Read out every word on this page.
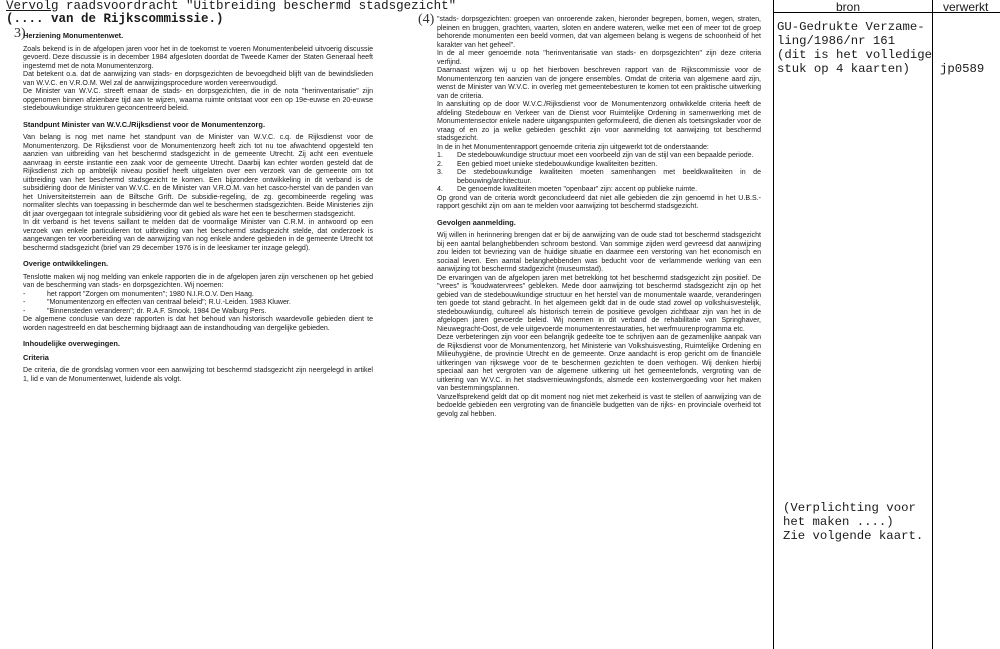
Vervolg raadsvoordracht "Uitbreiding beschermd stadsgezicht"
(.... van de Rijkscommissie.)
3)
(4)
Herziening Monumentenwet.

Zoals bekend is in de afgelopen jaren voor het in de toekomst te voeren Monumentenbeleid uitvoerig discussie gevoerd. Deze discussie is in december 1984 afgesloten doordat de Tweede Kamer der Staten Generaal heeft ingestemd met de nota Monumentenzorg.

Dat betekent o.a. dat de aanwijzing van stads- en dorpsgezichten de bevoegdheid blijft van de bewindslieden van W.V.C. en V.R.O.M. Wel zal de aanwijzingsprocedure worden vereenvoudigd.

De Minister van W.V.C. streeft ernaar de stads- en dorpsgezichten, die in de nota "herinventarisatie" zijn opgenomen binnen afzienbare tijd aan te wijzen, waarna ruimte ontstaat voor een op 19e-euwse en 20-euwse stedebouwkundige strukturen geconcentreerd beleid.

Standpunt Minister van W.V.C./Rijksdienst voor de Monumentenzorg.

Van belang is nog met name het standpunt van de Minister van W.V.C. c.q. de Rijksdienst voor de Monumentenzorg. De Rijksdienst voor de Monumentenzorg heeft zich tot nu toe afwachtend opgesteld ten aanzien van uitbreiding van het beschermd stadsgezicht in de gemeente Utrecht. Zij acht een eventuele aanvraag in eerste instantie een zaak voor de gemeente Utrecht. Daarbij kan echter worden gesteld dat de Rijksdienst zich op ambtelijk niveau positief heeft uitgelaten over een verzoek van de gemeente om tot uitbreiding van het beschermd stadsgezicht te komen. Een bijzondere ontwikkeling in dit verband is de subsidiëring door de Minister van W.V.C. en de Minister van V.R.O.M. van het casco-herstel van de panden van het Universiteitsterrein aan de Biltsche Grift. De subsidie-regeling, de zg. gecombineerde regeling was normaliter slechts van toepassing in beschermde dan wel te beschermen stadsgezichten. Beide Ministeries zijn dit jaar overgegaan tot integrale subsidiëring voor dit gebied als ware het een te beschermen stadsgezicht.

In dit verband is het tevens saillant te melden dat de voormalige Minister van C.R.M. in antwoord op een verzoek van enkele particulieren tot uitbreiding van het beschermd stadsgezicht stelde, dat onderzoek is aangevangen ter voorbereiding van de aanwijzing van nog enkele andere gebieden in de gemeente Utrecht tot beschermd stadsgezicht (brief van 29 december 1976 is in de leeskamer ter inzage gelegd).

Overige ontwikkelingen.

Tenslotte maken wij nog melding van enkele rapporten die in de afgelopen jaren zijn verschenen op het gebied van de bescherming van stads- en dorpsgezichten. Wij noemen:

-	het rapport "Zorgen om monumenten"; 1980 N.I.R.O.V. Den Haag.
-	"Monumentenzorg en effecten van centraal beleid"; R.U.-Leiden. 1983 Kluwer.
-	"Binnensteden veranderen"; dr. R.A.F. Smook. 1984 De Walburg Pers.

De algemene conclusie van deze rapporten is dat het behoud van historisch waardevolle gebieden dient te worden nagestreefd en dat bescherming bijdraagt aan de instandhouding van dergelijke gebieden.

Inhoudelijke overwegingen.
Criteria

De criteria, die de grondslag vormen voor een aanwijzing tot beschermd stadsgezicht zijn neergelegd in artikel 1, lid e van de Monumentenwet, luidende als volgt.

"stads- dorpsgezichten: groepen van onroerende zaken, hieronder begrepen, bomen, wegen, straten, pleinen en bruggen, grachten, vaarten, sloten en andere wateren, welke met een of meer tot de groep behorende monumenten een beeld vormen, dat van algemeen belang is wegens de schoonheid of het karakter van het geheel".

In de al meer genoemde nota "herinventarisatie van stads- en dorpsgezichten" zijn deze criteria verfijnd.

Daarnaast wijzen wij u op het hierboven beschreven rapport van de Rijkscommissie voor de Monumentenzorg ten aanzien van de jongere ensembles. Omdat de criteria van algemene aard zijn, wenst de Minister van W.V.C. in overleg met gemeentebesturen te komen tot een praktische uitwerking van de criteria.

In aansluiting op de door W.V.C./Rijksdienst voor de Monumentenzorg ontwikkelde criteria heeft de afdeling Stedebouw en Verkeer van de Dienst voor Ruimtelijke Ordening in samenwerking met de Monumentensector enkele nadere uitgangspunten geformuleerd, die dienen als toetsingskader voor de vraag of en zo ja welke gebieden geschikt zijn voor aanmelding tot aanwijzing tot beschermd stadsgezicht.

In de in het Monumentenrapport genoemde criteria zijn uitgewerkt tot de onderstaande:

1.	De stedebouwkundige structuur moet een voorbeeld zijn van de stijl van een bepaalde periode.
2.	Een gebied moet unieke stedebouwkundige kwaliteiten bezitten.
3.	De stedebouwkundige kwaliteiten moeten samenhangen met beeldkwaliteiten in de bebouwing/architectuur.
4.	De genoemde kwaliteiten moeten "openbaar" zijn: accent op publieke ruimte.

Op grond van de criteria wordt geconcludeerd dat niet alle gebieden die zijn genoemd in het U.B.S.-rapport geschikt zijn om aan te melden voor aanwijzing tot beschermd stadsgezicht.

Gevolgen aanmelding.

Wij willen in herinnering brengen dat er bij de aanwijzing van de oude stad tot beschermd stadsgezicht bij een aantal belanghebbenden schroom bestond. Van sommige zijden werd gevreesd dat aanwijzing zou leiden tot bevriezing van de huidige situatie en daarmee een verstoring van het economisch en sociaal leven. Een aantal belanghebbenden was beducht voor de verlammende werking van een aanwijzing tot beschermd stadgezicht (museumstad).

De ervaringen van de afgelopen jaren met betrekking tot het beschermd stadsgezicht zijn positief. De "vrees" is "koudwatervrees" gebleken. Mede door aanwijzing tot beschermd stadsgezicht zijn op het gebied van de stedebouwkundige structuur en het herstel van de monumentale waarde, veranderingen ten goede tot stand gebracht. In het algemeen geldt dat in de oude stad zowel op volkshuisvestelijk, stedebouwkundig, cultureel als historisch terrein de positieve gevolgen zichtbaar zijn van het in de afgelopen jaren gevoerde beleid. Wij noemen in dit verband de rehabilitatie van Springhaver, Nieuwegracht-Oost, de vele uitgevoerde monumentenrestauraties, het werfmuurenprogramma etc.

Deze verbeteringen zijn voor een belangrijk gedeelte toe te schrijven aan de gezamenlijke aanpak van de Rijksdienst voor de Monumentenzorg, het Ministerie van Volkshuisvesting, Ruimtelijke Ordening en Milieuhygiëne, de provincie Utrecht en de gemeente. Onze aandacht is erop gericht om de financiële uitkeringen van rijkswege voor de te beschermen gezichten te doen verhogen. Wij denken hierbij speciaal aan het vergroten van de algemene uitkering uit het gemeentefonds, vergroting van de uitkering van W.V.C. in het stadsvernieuwingsfonds, alsmede een kostenvergoeding voor het maken van bestemmingsplannen.

Vanzelfsprekend geldt dat op dit moment nog niet met zekerheid is vast te stellen of aanwijzing van de bedoelde gebieden een vergroting van de financiële budgetten van de rijks- en provinciale overheid tot gevolg zal hebben.

bron	verwerkt
GU-Gedrukte Verzame-
ling/1986/nr 161
(dit is het volledige
stuk op 4 kaarten)	jp0589
(Verplichting voor
het maken ....)
Zie volgende kaart.
